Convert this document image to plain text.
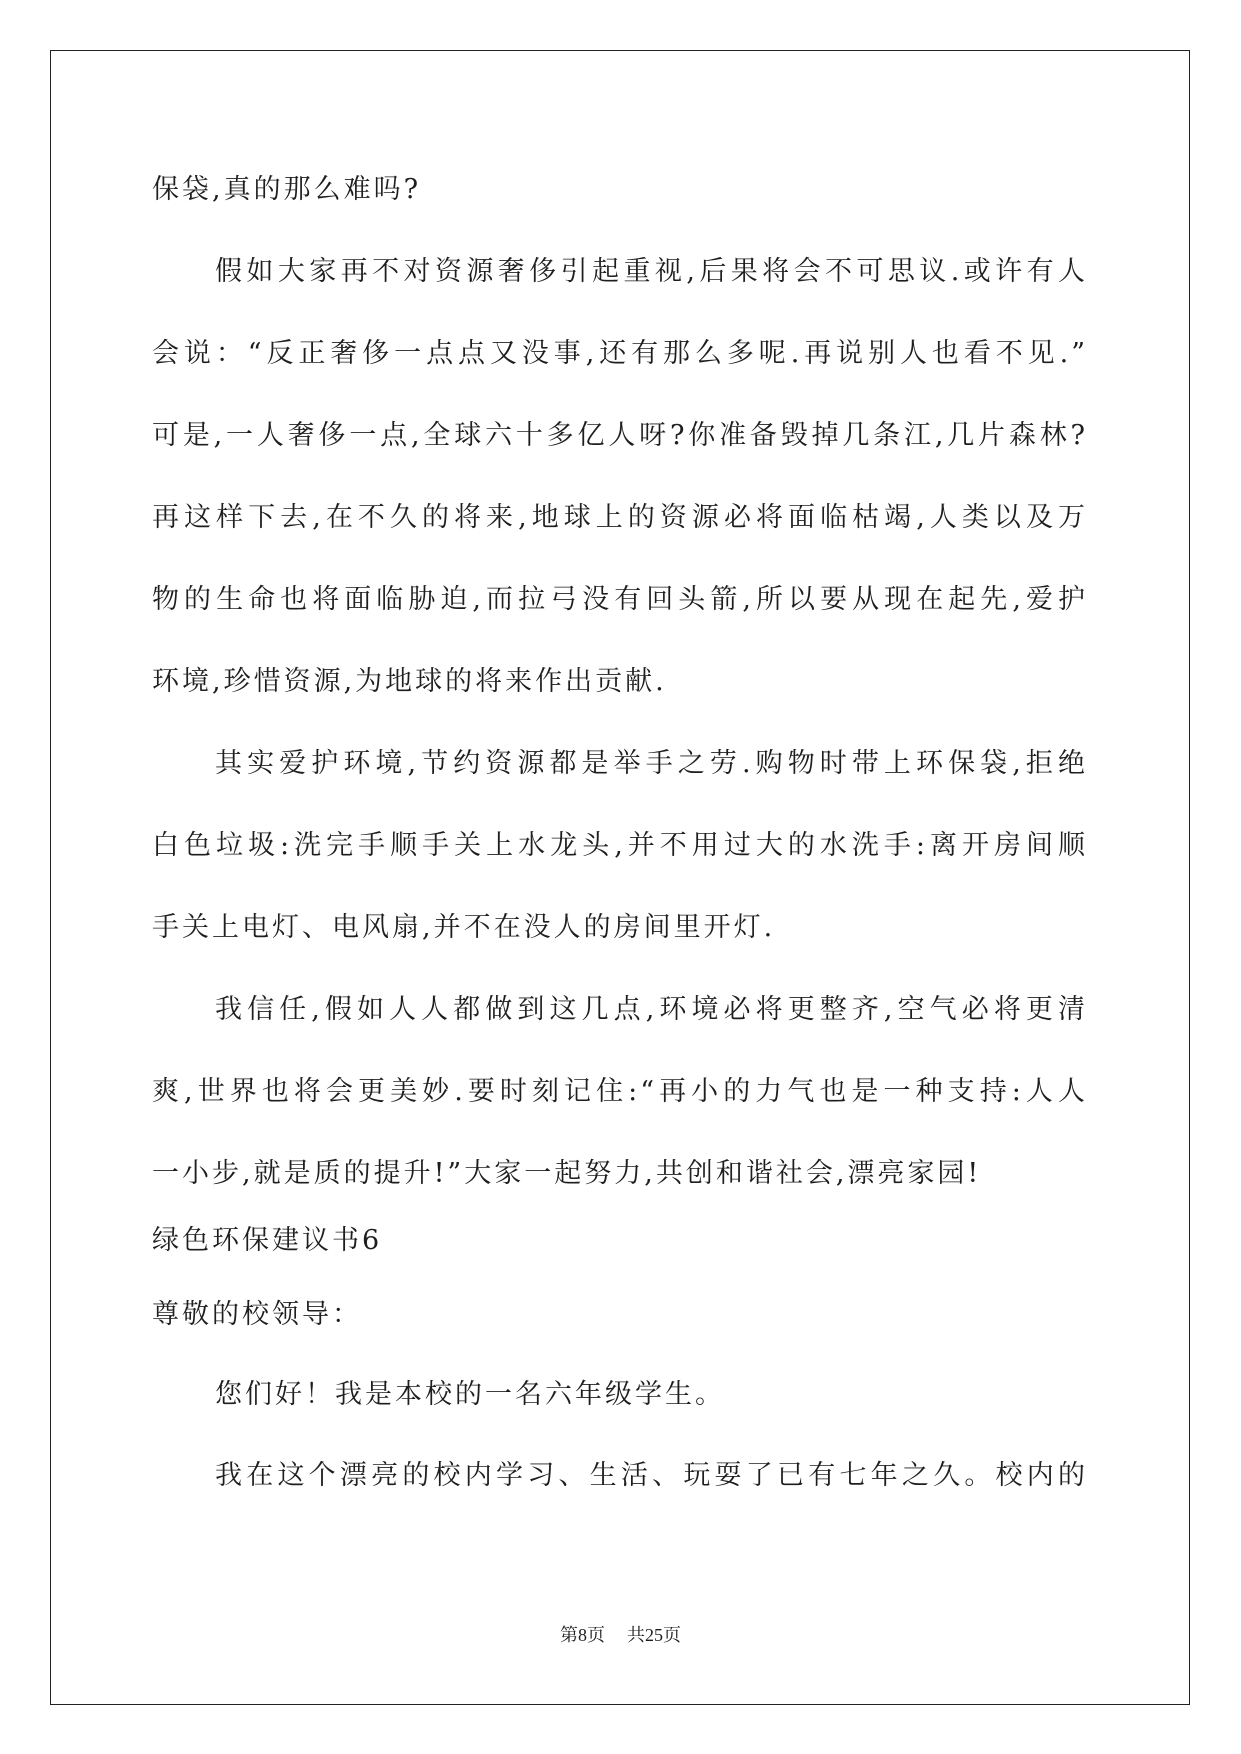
保袋,真的那么难吗?
假如大家再不对资源奢侈引起重视,后果将会不可思议.或许有人
会说：“反正奢侈一点点又没事,还有那么多呢.再说别人也看不见.”
可是,一人奢侈一点,全球六十多亿人呀?你准备毁掉几条江,几片森林?
再这样下去,在不久的将来,地球上的资源必将面临枯竭,人类以及万
物的生命也将面临胁迫,而拉弓没有回头箭,所以要从现在起先,爱护
环境,珍惜资源,为地球的将来作出贡献.
其实爱护环境,节约资源都是举手之劳.购物时带上环保袋,拒绝
白色垃圾:洗完手顺手关上水龙头,并不用过大的水洗手:离开房间顺
手关上电灯、电风扇,并不在没人的房间里开灯.
我信任,假如人人都做到这几点,环境必将更整齐,空气必将更清
爽,世界也将会更美妙.要时刻记住:“再小的力气也是一种支持:人人
一小步,就是质的提升!”大家一起努力,共创和谐社会,漂亮家园!
绿色环保建议书6
尊敬的校领导：
您们好！我是本校的一名六年级学生。
我在这个漂亮的校内学习、生活、玩耍了已有七年之久。校内的
第8页 共25页
